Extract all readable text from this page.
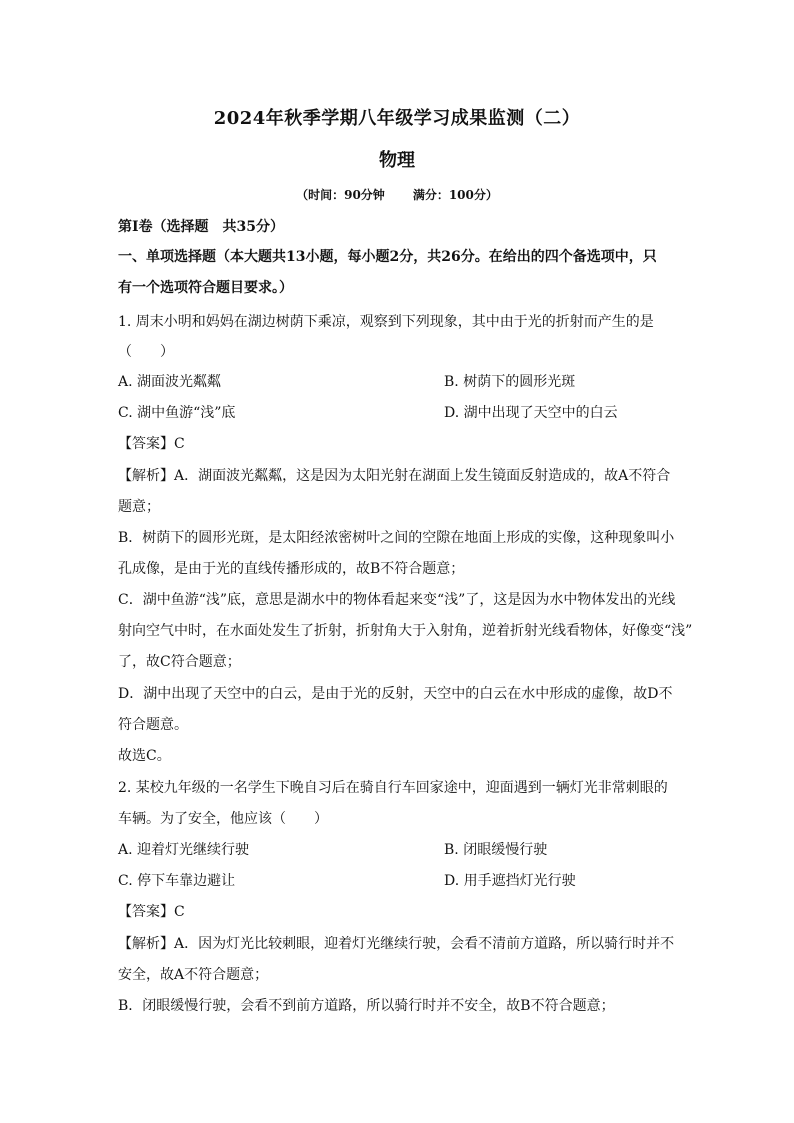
2024年秋季学期八年级学习成果监测（二）
物理
（时间：90分钟 满分：100分）
第Ⅰ卷（选择题　共35分）
一、单项选择题（本大题共13小题，每小题2分，共26分。在给出的四个备选项中，只
有一个选项符合题目要求。）
1. 周末小明和妈妈在湖边树荫下乘凉，观察到下列现象，其中由于光的折射而产生的是
（　　）
A. 湖面波光粼粼	B. 树荫下的圆形光斑
C. 湖中鱼游“浅”底	D. 湖中出现了天空中的白云
【答案】C
【解析】A．湖面波光粼粼，这是因为太阳光射在湖面上发生镜面反射造成的，故A不符合
题意；
B．树荫下的圆形光斑，是太阳经浓密树叶之间的空隙在地面上形成的实像，这种现象叫小
孔成像，是由于光的直线传播形成的，故B不符合题意；
C．湖中鱼游“浅”底，意思是湖水中的物体看起来变“浅”了，这是因为水中物体发出的光线
射向空气中时，在水面处发生了折射，折射角大于入射角，逆着折射光线看物体，好像变“浅”
了，故C符合题意；
D．湖中出现了天空中的白云，是由于光的反射，天空中的白云在水中形成的虚像，故D不
符合题意。
故选C。
2. 某校九年级的一名学生下晚自习后在骑自行车回家途中，迎面遇到一辆灯光非常刺眼的
车辆。为了安全，他应该（　　）
A. 迎着灯光继续行驶	B. 闭眼缓慢行驶
C. 停下车靠边避让	D. 用手遮挡灯光行驶
【答案】C
【解析】A．因为灯光比较刺眼，迎着灯光继续行驶，会看不清前方道路，所以骑行时并不
安全，故A不符合题意；
B．闭眼缓慢行驶，会看不到前方道路，所以骑行时并不安全，故B不符合题意；
